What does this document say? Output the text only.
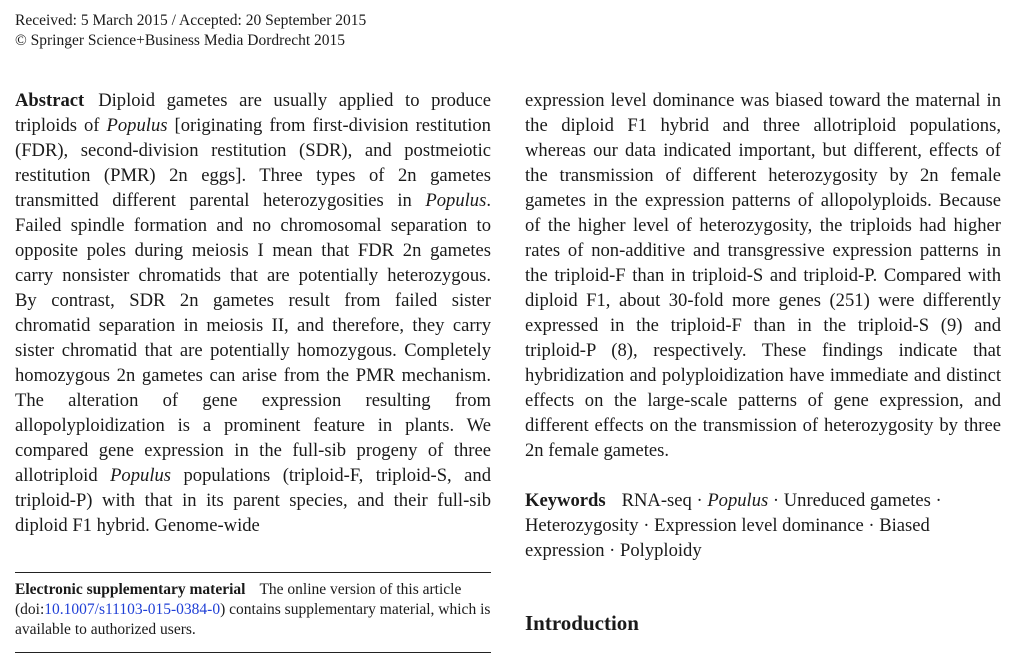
Received: 5 March 2015 / Accepted: 20 September 2015
© Springer Science+Business Media Dordrecht 2015

Abstract Diploid gametes are usually applied to produce triploids of Populus [originating from first-division restitution (FDR), second-division restitution (SDR), and postmeiotic restitution (PMR) 2n eggs]. Three types of 2n gametes transmitted different parental heterozygosities in Populus. Failed spindle formation and no chromosomal separation to opposite poles during meiosis I mean that FDR 2n gametes carry nonsister chromatids that are potentially heterozygous. By contrast, SDR 2n gametes result from failed sister chromatid separation in meiosis II, and therefore, they carry sister chromatid that are potentially homozygous. Completely homozygous 2n gametes can arise from the PMR mechanism. The alteration of gene expression resulting from allopolyploidization is a prominent feature in plants. We compared gene expression in the full-sib progeny of three allotriploid Populus populations (triploid-F, triploid-S, and triploid-P) with that in its parent species, and their full-sib diploid F1 hybrid. Genome-wide

expression level dominance was biased toward the maternal in the diploid F1 hybrid and three allotriploid populations, whereas our data indicated important, but different, effects of the transmission of different heterozygosity by 2n female gametes in the expression patterns of allopolyploids. Because of the higher level of heterozygosity, the triploids had higher rates of non-additive and transgressive expression patterns in the triploid-F than in triploid-S and triploid-P. Compared with diploid F1, about 30-fold more genes (251) were differently expressed in the triploid-F than in the triploid-S (9) and triploid-P (8), respectively. These findings indicate that hybridization and polyploidization have immediate and distinct effects on the large-scale patterns of gene expression, and different effects on the transmission of heterozygosity by three 2n female gametes.

Keywords RNA-seq · Populus · Unreduced gametes · Heterozygosity · Expression level dominance · Biased expression · Polyploidy
Electronic supplementary material The online version of this article (doi:10.1007/s11103-015-0384-0) contains supplementary material, which is available to authorized users.	Introduction
